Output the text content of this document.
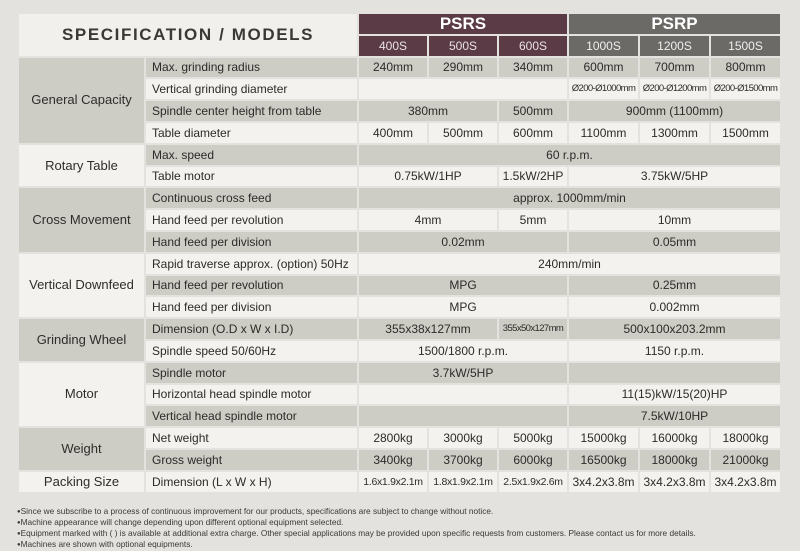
SPECIFICATION / MODELS		PSRS			PSRP		
		400S	500S	600S	1000S	1200S	1500S
General Capacity	Max. grinding radius	240mm	290mm	340mm	600mm	700mm	800mm
	Vertical grinding diameter				Ø200-Ø1000mm	Ø200-Ø1200mm	Ø200-Ø1500mm
	Spindle center height from table	380mm		500mm	900mm (1100mm)		
	Table diameter	400mm	500mm	600mm	1100mm	1300mm	1500mm
Rotary Table	Max. speed	60 r.p.m.					
	Table motor	0.75kW/1HP		1.5kW/2HP	3.75kW/5HP		
Cross Movement	Continuous cross feed	approx. 1000mm/min					
	Hand feed per revolution	4mm		5mm	10mm		
	Hand feed per division	0.02mm			0.05mm		
Vertical Downfeed	Rapid traverse approx. (option) 50Hz	240mm/min					
	Hand feed per revolution	MPG			0.25mm		
	Hand feed per division	MPG			0.002mm		
Grinding Wheel	Dimension (O.D x W x I.D)	355x38x127mm		355x50x127mm	500x100x203.2mm		
	Spindle speed 50/60Hz	1500/1800 r.p.m.			1150 r.p.m.		
Motor	Spindle motor	3.7kW/5HP					
	Horizontal head spindle motor				11(15)kW/15(20)HP		
	Vertical head spindle motor				7.5kW/10HP		
Weight	Net weight	2800kg	3000kg	5000kg	15000kg	16000kg	18000kg
	Gross weight	3400kg	3700kg	6000kg	16500kg	18000kg	21000kg
Packing Size	Dimension (L x W x H)	1.6x1.9x2.1m	1.8x1.9x2.1m	2.5x1.9x2.6m	3x4.2x3.8m	3x4.2x3.8m	3x4.2x3.8m
● Since we subscribe to a process of continuous improvement for our products, specifications are subject to change without notice.
● Machine appearance will change depending upon different optional equipment selected.
● Equipment marked with ( ) is available at additional extra charge. Other special applications may be provided upon specific requests from customers. Please contact us for more details.
● Machines are shown with optional equipments.
